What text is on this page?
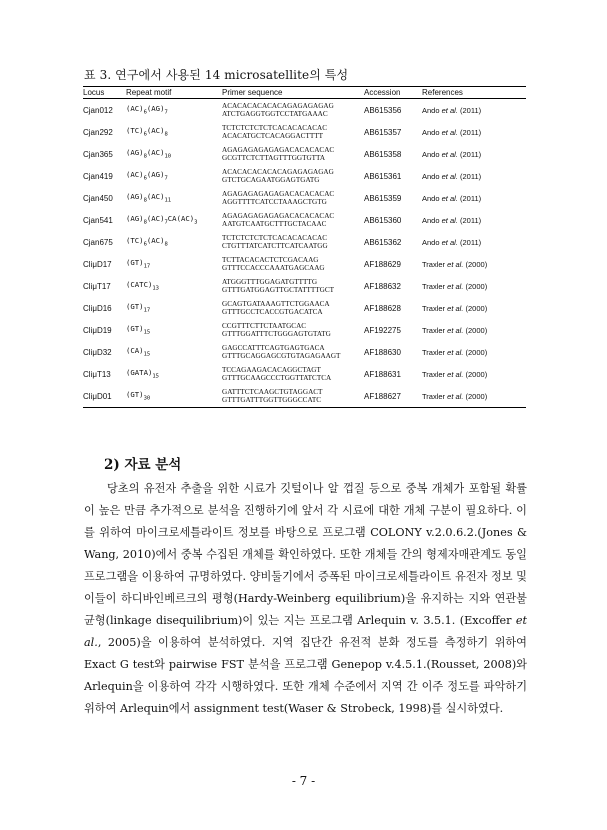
표 3. 연구에서 사용된 14 microsatellite의 특성
Locus	Repeat motif	Primer sequence	Accession	References
Cjan012	$(AC)_6(AG)_7$	ACACACACACACAGAGAGAGAG
ATCTGAGGTGGTCCTATGAAAC	AB615356	Ando et al. (2011)
Cjan292	$(TC)_6(AC)_8$	TCTCTCTCTCTCACACACACAC
ACACATGCTCACAGGACTTTT	AB615357	Ando et al. (2011)
Cjan365	$(AG)_8(AC)_{10}$	AGAGAGAGAGAGACACACACAC
GCGTTCTCTTAGTTTGGTGTTA	AB615358	Ando et al. (2011)
Cjan419	$(AC)_6(AG)_7$	ACACACACACACAGAGAGAGAG
GTCTGCAGAATGGAGTGATG	AB615361	Ando et al. (2011)
Cjan450	$(AG)_8(AC)_{11}$	AGAGAGAGAGAGACACACACAC
AGGTTTTCATCCTAAAGCTGTG	AB615359	Ando et al. (2011)
Cjan541	$(AG)_8(AC)_7CA(AC)_3$	AGAGAGAGAGAGACACACACAC
AATGTCAATGCTTTGCTACAAC	AB615360	Ando et al. (2011)
Cjan675	$(TC)_6(AC)_8$	TCTCTCTCTCTCACACACACAC
CTGTTTATCATCTTCATCAATGG	AB615362	Ando et al. (2011)
CliμD17	$(GT)_{17}$	TCTTACACACTCTCGACAAG
GTTTCCACCCAAATGAGCAAG	AF188629	Traxler et al. (2000)
CliμT17	$(CATC)_{13}$	ATGGGTTTGGAGATGTTTTG
GTTTGATGGAGTTGCTATTTTGCT	AF188632	Traxler et al. (2000)
CliμD16	$(GT)_{17}$	GCAGTGATAAAGTTCTGGAACA
GTTTGCCTCACCGTGACATCA	AF188628	Traxler et al. (2000)
CliμD19	$(GT)_{15}$	CCGTTTCTTCTAATGCAC
GTTTGGATTTCTGGGAGTGTATG	AF192275	Traxler et al. (2000)
CliμD32	$(CA)_{15}$	GAGCCATTTCAGTGAGTGACA
GTTTGCAGGAGCGTGTAGAGAAGT	AF188630	Traxler et al. (2000)
CliμT13	$(GATA)_{15}$	TCCAGAAGACACAGGCTAGT
GTTTGCAAGCCCTGGTTATCTCA	AF188631	Traxler et al. (2000)
CliμD01	$(GT)_{30}$	GATTTCTCAAGCTGTAGGACT
GTTTGATTTGGTTGGGCCATC	AF188627	Traxler et al. (2000)
2) 자료 분석

당초의 유전자 추출을 위한 시료가 깃털이나 알 껍질 등으로 중복 개체가 포함될 확률이 높은 만큼 추가적으로 분석을 진행하기에 앞서 각 시료에 대한 개체 구분이 필요하다. 이를 위하여 마이크로세틀라이트 정보를 바탕으로 프로그램 COLONY v.2.0.6.2.(Jones & Wang, 2010)에서 중복 수집된 개체를 확인하였다. 또한 개체들 간의 형제자매관계도 동일 프로그램을 이용하여 규명하였다. 양비둘기에서 증폭된 마이크로세틀라이트 유전자 정보 및 이들이 하디바인베르크의 평형(Hardy-Weinberg equilibrium)을 유지하는 지와 연관불균형(linkage disequilibrium)이 있는 지는 프로그램 Arlequin v. 3.5.1. (Excoffer et al., 2005)을 이용하여 분석하였다. 지역 집단간 유전적 분화 정도를 측정하기 위하여 Exact G test와 pairwise FST 분석을 프로그램 Genepop v.4.5.1.(Rousset, 2008)와 Arlequin을 이용하여 각각 시행하였다. 또한 개체 수준에서 지역 간 이주 정도를 파악하기 위하여 Arlequin에서 assignment test(Waser & Strobeck, 1998)를 실시하였다.

- 7 -
